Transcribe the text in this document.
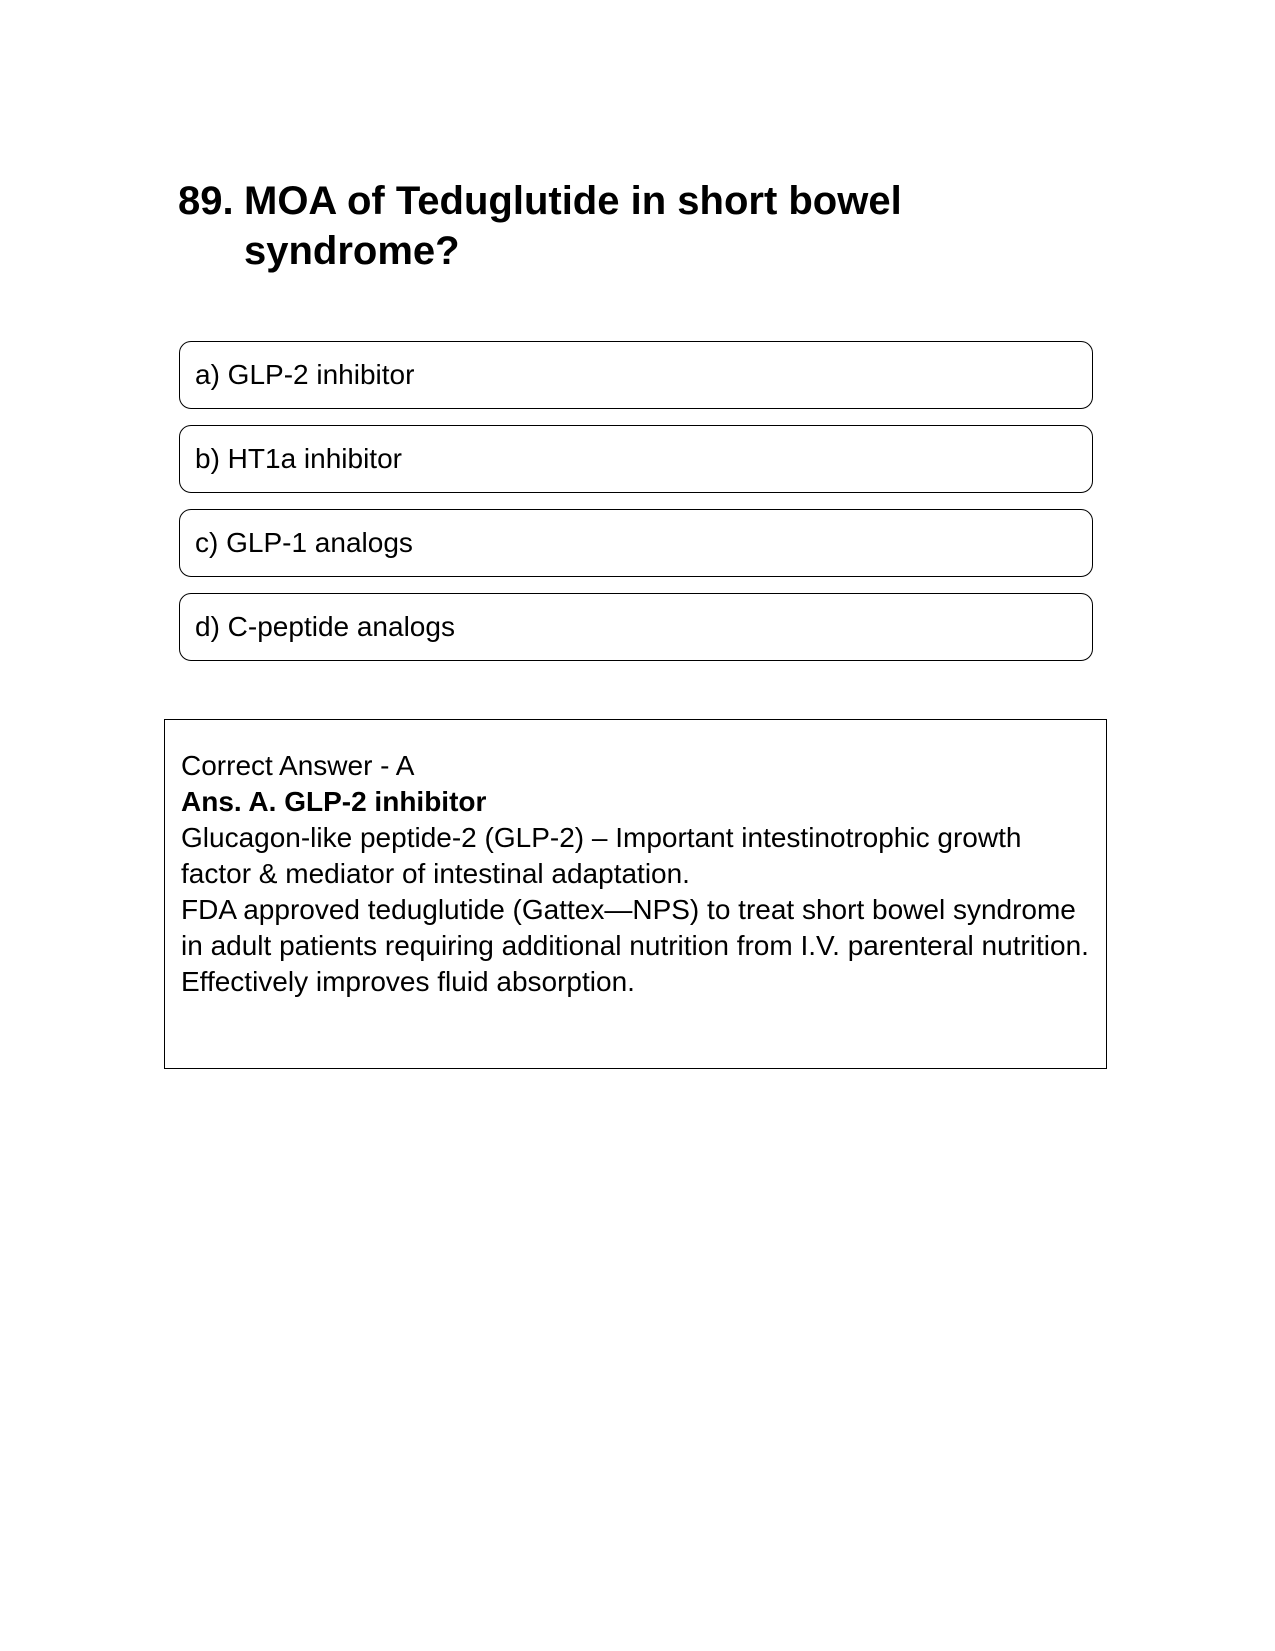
89. MOA of Teduglutide in short bowel syndrome?
a) GLP-2 inhibitor
b) HT1a inhibitor
c) GLP-1 analogs
d) C-peptide analogs

Correct Answer - A

Ans. A. GLP-2 inhibitor

Glucagon-like peptide-2 (GLP-2) – Important intestinotrophic growth factor & mediator of intestinal adaptation.

FDA approved teduglutide (Gattex—NPS) to treat short bowel syndrome in adult patients requiring additional nutrition from I.V. parenteral nutrition.

Effectively improves fluid absorption.
